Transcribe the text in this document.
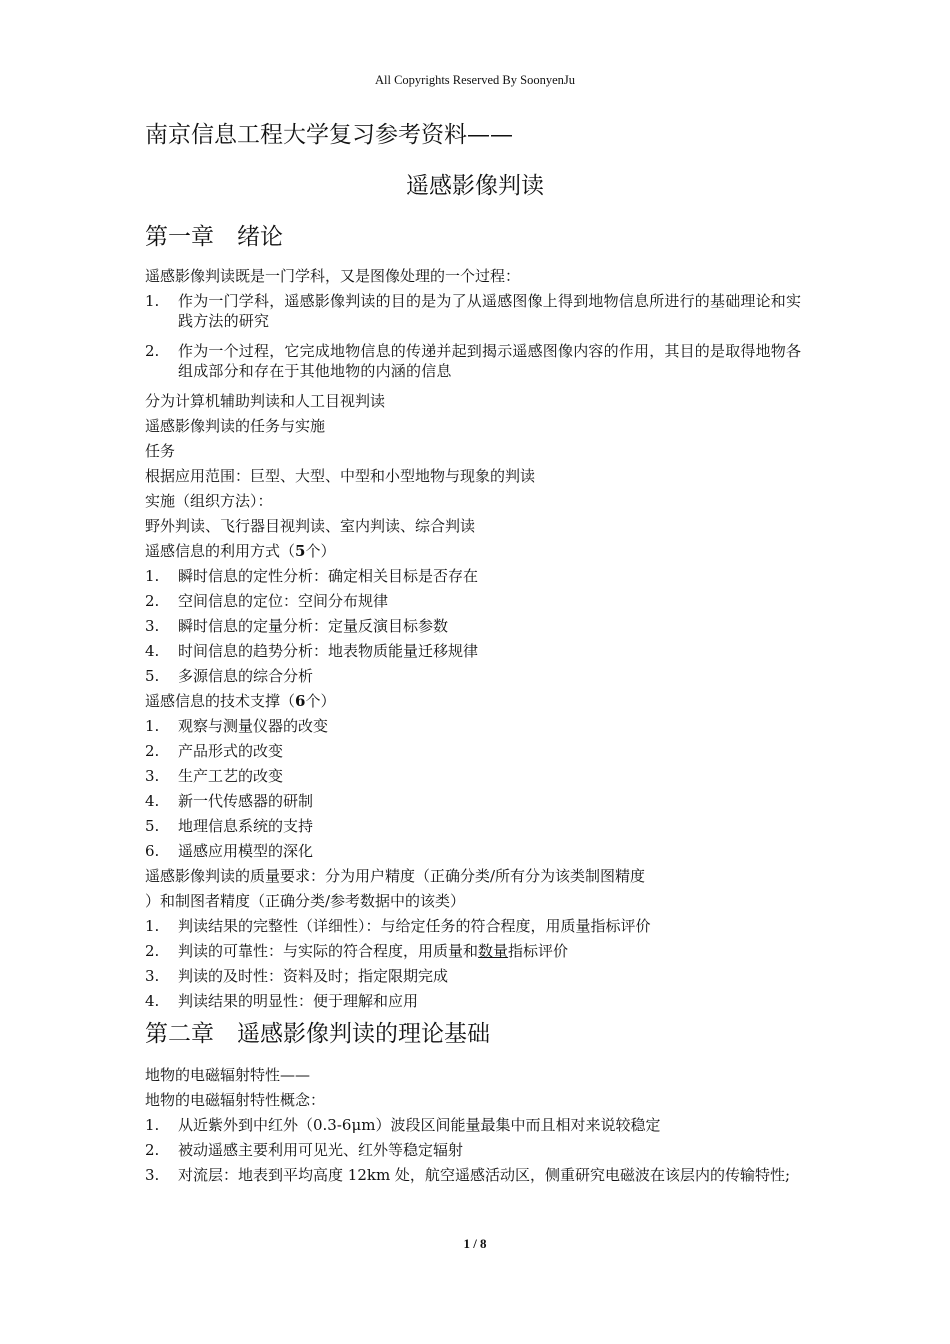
All Copyrights Reserved By SoonyenJu
南京信息工程大学复习参考资料——
遥感影像判读
第一章　绪论
遥感影像判读既是一门学科，又是图像处理的一个过程：
1.	作为一门学科，遥感影像判读的目的是为了从遥感图像上得到地物信息所进行的基础理论和实践方法的研究
2.	作为一个过程，它完成地物信息的传递并起到揭示遥感图像内容的作用，其目的是取得地物各组成部分和存在于其他地物的内涵的信息
分为计算机辅助判读和人工目视判读
遥感影像判读的任务与实施
任务
根据应用范围：巨型、大型、中型和小型地物与现象的判读
实施（组织方法）：
野外判读、飞行器目视判读、室内判读、综合判读
遥感信息的利用方式（5个）
1.	瞬时信息的定性分析：确定相关目标是否存在
2.	空间信息的定位：空间分布规律
3.	瞬时信息的定量分析：定量反演目标参数
4.	时间信息的趋势分析：地表物质能量迁移规律
5.	多源信息的综合分析
遥感信息的技术支撑（6个）
1.	观察与测量仪器的改变
2.	产品形式的改变
3.	生产工艺的改变
4.	新一代传感器的研制
5.	地理信息系统的支持
6.	遥感应用模型的深化
遥感影像判读的质量要求：分为用户精度（正确分类/所有分为该类制图精度
）和制图者精度（正确分类/参考数据中的该类）
1.	判读结果的完整性（详细性）：与给定任务的符合程度，用质量指标评价
2.	判读的可靠性：与实际的符合程度，用质量和数量指标评价
3.	判读的及时性：资料及时；指定限期完成
4.	判读结果的明显性：便于理解和应用
第二章　遥感影像判读的理论基础
地物的电磁辐射特性——
地物的电磁辐射特性概念：
1.	从近紫外到中红外（0.3-6μm）波段区间能量最集中而且相对来说较稳定
2.	被动遥感主要利用可见光、红外等稳定辐射
3.	对流层：地表到平均高度 12km 处，航空遥感活动区，侧重研究电磁波在该层内的传输特性;
1 / 8
